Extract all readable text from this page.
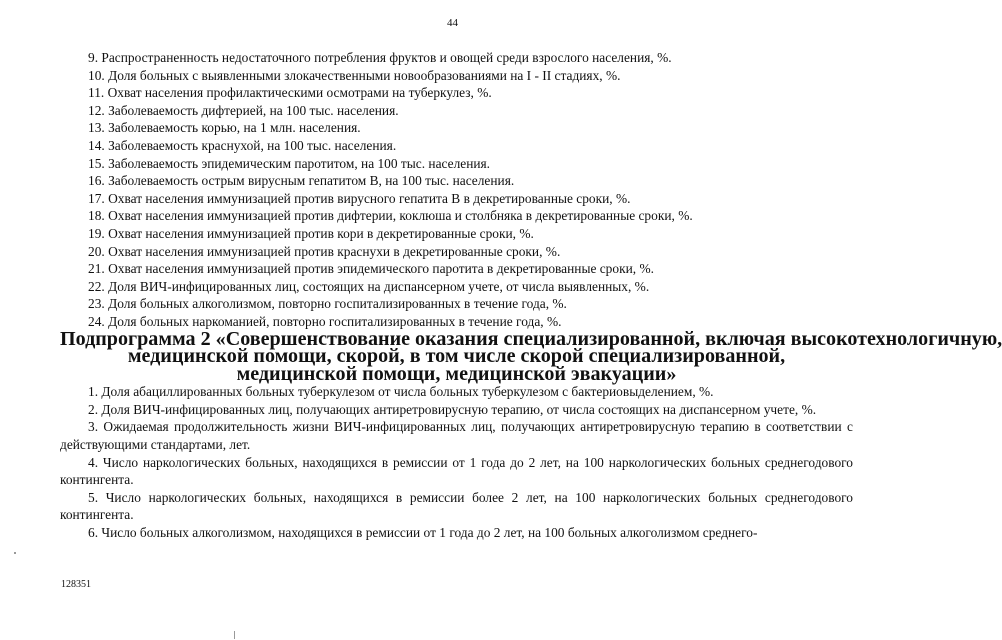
44

9. Распространенность недостаточного потребления фруктов и овощей среди взрослого населения, %.

10. Доля больных с выявленными злокачественными новообразованиями на I - II стадиях, %.

11. Охват населения профилактическими осмотрами на туберкулез, %.

12. Заболеваемость дифтерией, на 100 тыс. населения.

13. Заболеваемость корью, на 1 млн. населения.

14. Заболеваемость краснухой, на 100 тыс. населения.

15. Заболеваемость эпидемическим паротитом, на 100 тыс. населения.

16. Заболеваемость острым вирусным гепатитом В, на 100 тыс. населения.

17. Охват населения иммунизацией против вирусного гепатита В в декретированные сроки, %.

18. Охват населения иммунизацией против дифтерии, коклюша и столбняка в декретированные сроки, %.

19. Охват населения иммунизацией против кори в декретированные сроки, %.

20. Охват населения иммунизацией против краснухи в декретированные сроки, %.

21. Охват населения иммунизацией против эпидемического паротита в декретированные сроки, %.

22. Доля ВИЧ-инфицированных лиц, состоящих на диспансерном учете, от числа выявленных, %.

23. Доля больных алкоголизмом, повторно госпитализированных в течение года, %.

24. Доля больных наркоманией, повторно госпитализированных в течение года, %.

Подпрограмма 2 «Совершенствование оказания специализированной, включая высокотехнологичную,
медицинской помощи, скорой, в том числе скорой специализированной,
медицинской помощи, медицинской эвакуации»

1. Доля абациллированных больных туберкулезом от числа больных туберкулезом с бактериовыделением, %.

2. Доля ВИЧ-инфицированных лиц, получающих антиретровирусную терапию, от числа состоящих на диспансерном учете, %.

3. Ожидаемая продолжительность жизни ВИЧ-инфицированных лиц, получающих антиретровирусную терапию в соответствии с действующими стандартами, лет.

4. Число наркологических больных, находящихся в ремиссии от 1 года до 2 лет, на 100 наркологических больных среднегодового контингента.

5. Число наркологических больных, находящихся в ремиссии более 2 лет, на 100 наркологических больных среднегодового контингента.

6. Число больных алкоголизмом, находящихся в ремиссии от 1 года до 2 лет, на 100 больных алкоголизмом среднего-

128351
